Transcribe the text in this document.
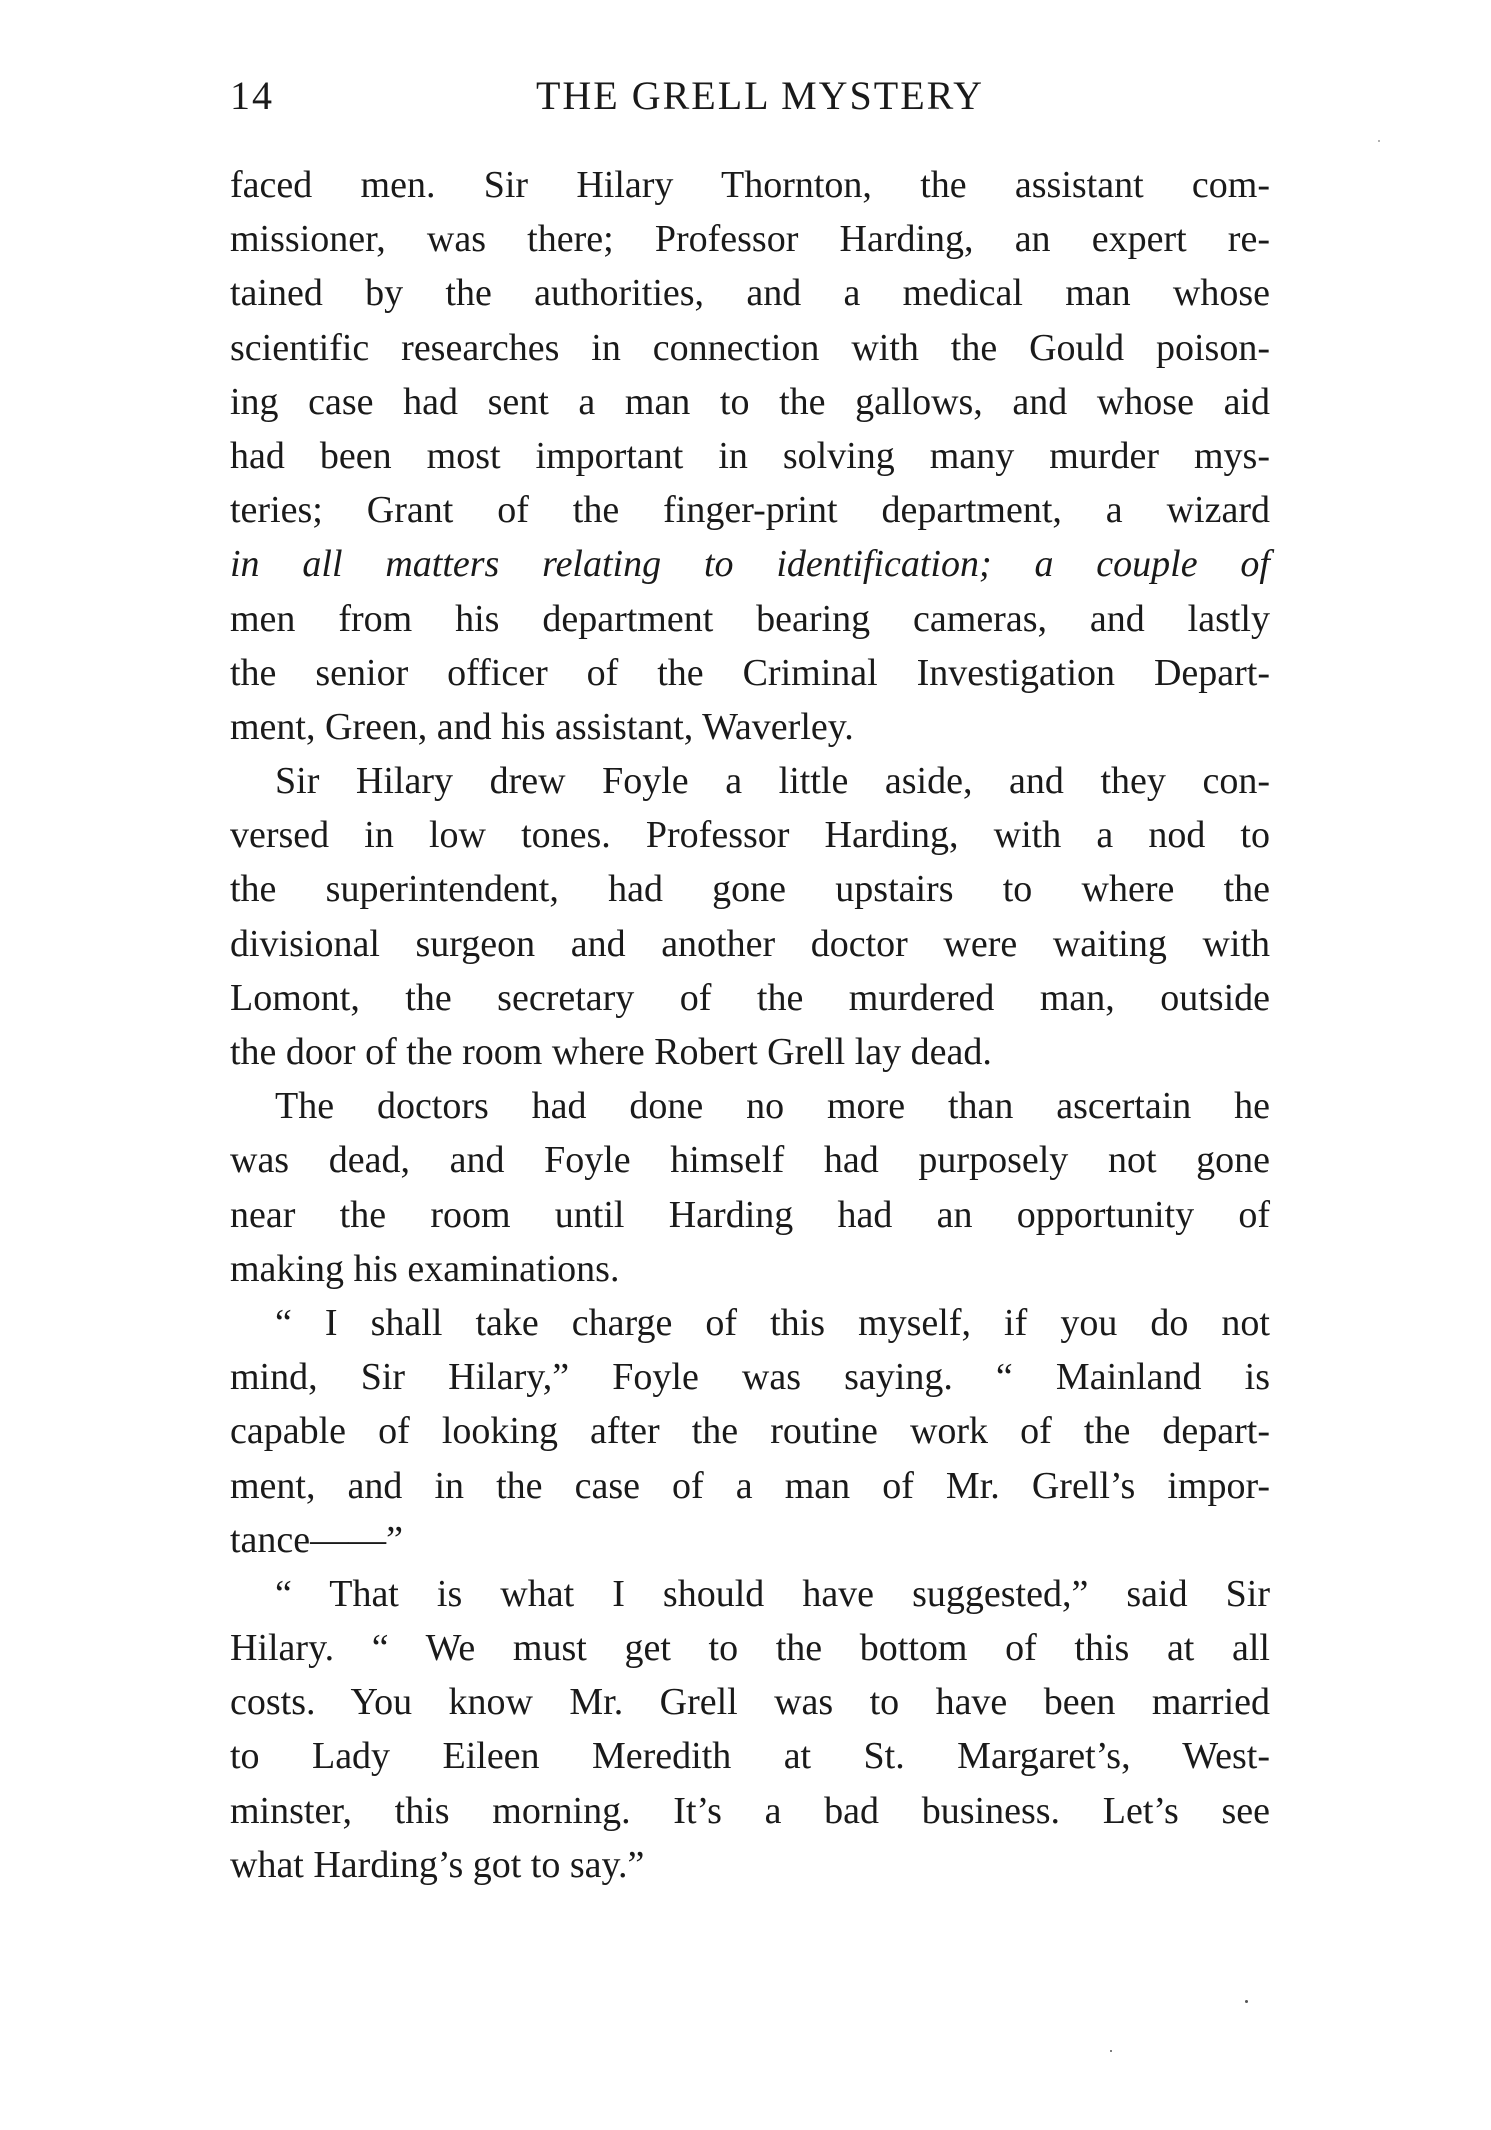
14	THE GRELL MYSTERY
faced men. Sir Hilary Thornton, the assistant com-
missioner, was there; Professor Harding, an expert re-
tained by the authorities, and a medical man whose
scientific researches in connection with the Gould poison-
ing case had sent a man to the gallows, and whose aid
had been most important in solving many murder mys-
teries; Grant of the finger-print department, a wizard
in all matters relating to identification; a couple of
men from his department bearing cameras, and lastly
the senior officer of the Criminal Investigation Depart-
ment, Green, and his assistant, Waverley.
Sir Hilary drew Foyle a little aside, and they con-
versed in low tones. Professor Harding, with a nod to
the superintendent, had gone upstairs to where the
divisional surgeon and another doctor were waiting with
Lomont, the secretary of the murdered man, outside
the door of the room where Robert Grell lay dead.
The doctors had done no more than ascertain he
was dead, and Foyle himself had purposely not gone
near the room until Harding had an opportunity of
making his examinations.
“ I shall take charge of this myself, if you do not
mind, Sir Hilary,” Foyle was saying. “ Mainland is
capable of looking after the routine work of the depart-
ment, and in the case of a man of Mr. Grell’s impor-
tance——”
“ That is what I should have suggested,” said Sir
Hilary. “ We must get to the bottom of this at all
costs. You know Mr. Grell was to have been married
to Lady Eileen Meredith at St. Margaret’s, West-
minster, this morning. It’s a bad business. Let’s see
what Harding’s got to say.”
